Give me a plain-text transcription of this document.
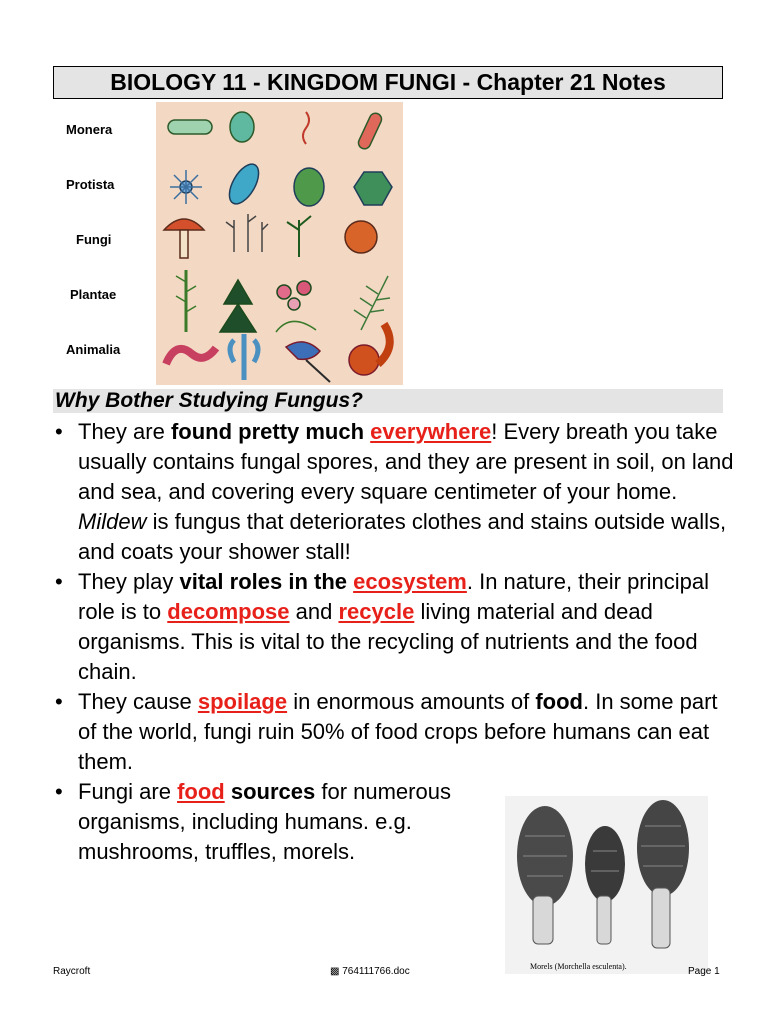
BIOLOGY 11 - KINGDOM FUNGI - Chapter 21 Notes
Monera
Protista
Fungi
Plantae
Animalia
Why Bother Studying Fungus?
• They are found pretty much everywhere! Every breath you take usually contains fungal spores, and they are present in soil, on land and sea, and covering every square centimeter of your home. Mildew is fungus that deteriorates clothes and stains outside walls, and coats your shower stall!
• They play vital roles in the ecosystem. In nature, their principal role is to decompose and recycle living material and dead organisms. This is vital to the recycling of nutrients and the food chain.
• They cause spoilage in enormous amounts of food. In some part of the world, fungi ruin 50% of food crops before humans can eat them.
• Fungi are food sources for numerous organisms, including humans. e.g. mushrooms, truffles, morels.
Morels (Morchella esculenta).
Raycroft	▩ 764111766.doc	Page 1
